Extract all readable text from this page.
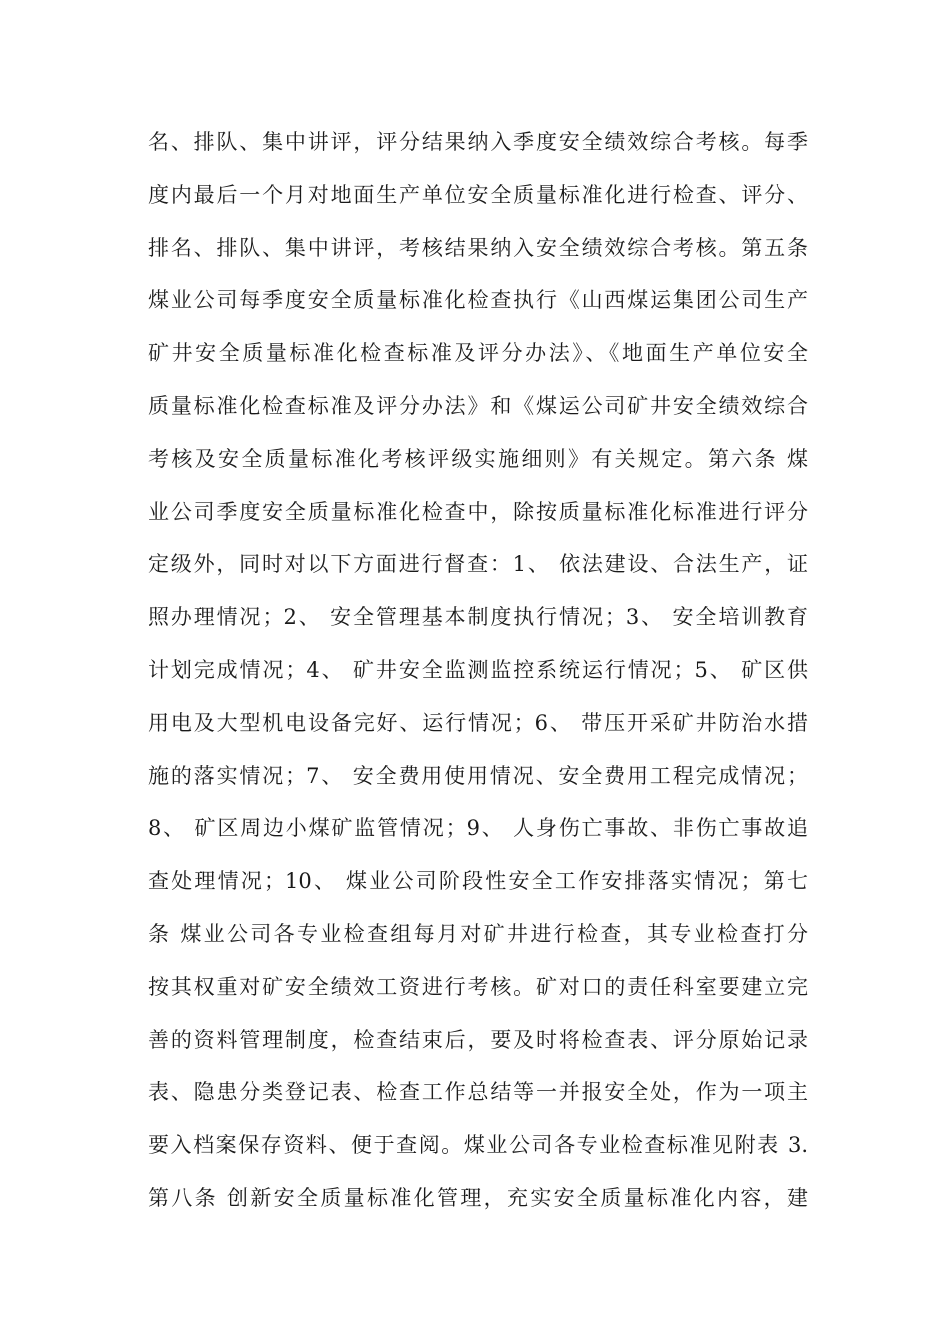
名、排队、集中讲评，评分结果纳入季度安全绩效综合考核。每季
度内最后一个月对地面生产单位安全质量标准化进行检查、评分、
排名、排队、集中讲评，考核结果纳入安全绩效综合考核。第五条
煤业公司每季度安全质量标准化检查执行《山西煤运集团公司生产
矿井安全质量标准化检查标准及评分办法》、《地面生产单位安全
质量标准化检查标准及评分办法》和《煤运公司矿井安全绩效综合
考核及安全质量标准化考核评级实施细则》有关规定。第六条 煤
业公司季度安全质量标准化检查中，除按质量标准化标准进行评分
定级外，同时对以下方面进行督查：1、 依法建设、合法生产，证
照办理情况；2、 安全管理基本制度执行情况；3、 安全培训教育
计划完成情况；4、 矿井安全监测监控系统运行情况；5、 矿区供
用电及大型机电设备完好、运行情况；6、 带压开采矿井防治水措
施的落实情况；7、 安全费用使用情况、安全费用工程完成情况；
8、 矿区周边小煤矿监管情况；9、 人身伤亡事故、非伤亡事故追
查处理情况；10、 煤业公司阶段性安全工作安排落实情况；第七
条 煤业公司各专业检查组每月对矿井进行检查，其专业检查打分
按其权重对矿安全绩效工资进行考核。矿对口的责任科室要建立完
善的资料管理制度，检查结束后，要及时将检查表、评分原始记录
表、隐患分类登记表、检查工作总结等一并报安全处，作为一项主
要入档案保存资料、便于查阅。煤业公司各专业检查标准见附表 3.
第八条 创新安全质量标准化管理，充实安全质量标准化内容，建
